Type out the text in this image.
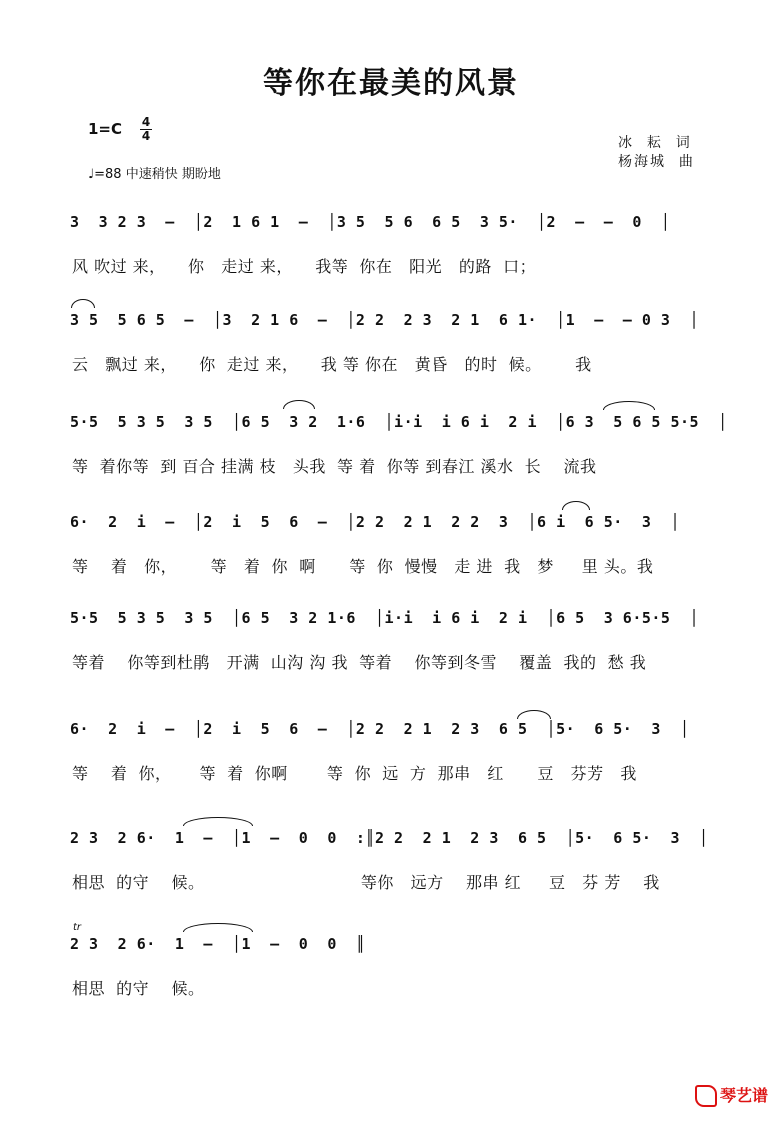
等你在最美的风景
1=C 4
4
♩=88 中速稍快 期盼地
冰  耘  词
杨海城  曲
3  3 2 3  –  │2  1 6 1  –  │3 5  5 6  6 5  3 5·  │2  –  –  0  │
风 吹过 来，    你   走过 来，    我等  你在   阳光   的路  口；
3 5  5 6 5  –  │3  2 1 6  –  │2 2  2 3  2 1  6 1·  │1  –  – 0 3  │
云   飘过 来，    你  走过 来，    我 等 你在   黄昏   的时  候。      我
5·5  5 3 5  3 5  │6 5  3 2  1·6  │i·i  i 6 i  2 i  │6 3  5 6 5 5·5  │
等  着你等  到 百合 挂满 枝   头我  等 着  你等 到春江 溪水  长    流我
6·  2  i  –  │2  i  5  6  –  │2 2  2 1  2 2  3  │6 i  6 5·  3  │
等    着   你，      等   着  你  啊      等  你  慢慢   走 进  我   梦     里 头。我
5·5  5 3 5  3 5  │6 5  3 2 1·6  │i·i  i 6 i  2 i  │6 5  3 6·5·5  │
等着    你等到杜鹃   开满  山沟 沟 我  等着    你等到冬雪    覆盖  我的  愁 我
6·  2  i  –  │2  i  5  6  –  │2 2  2 1  2 3  6 5  │5·  6 5·  3  │
等    着  你，     等  着  你啊       等  你  远  方  那串   红      豆   芬芳   我
2 3  2 6·  1  –  │1  –  0  0  :║2 2  2 1  2 3  6 5  │5·  6 5·  3  │
相思  的守    候。                            等你   远方    那串 红     豆   芬 芳    我
tr
2 3  2 6·  1  –  │1  –  0  0  ║
相思  的守    候。
琴艺谱
